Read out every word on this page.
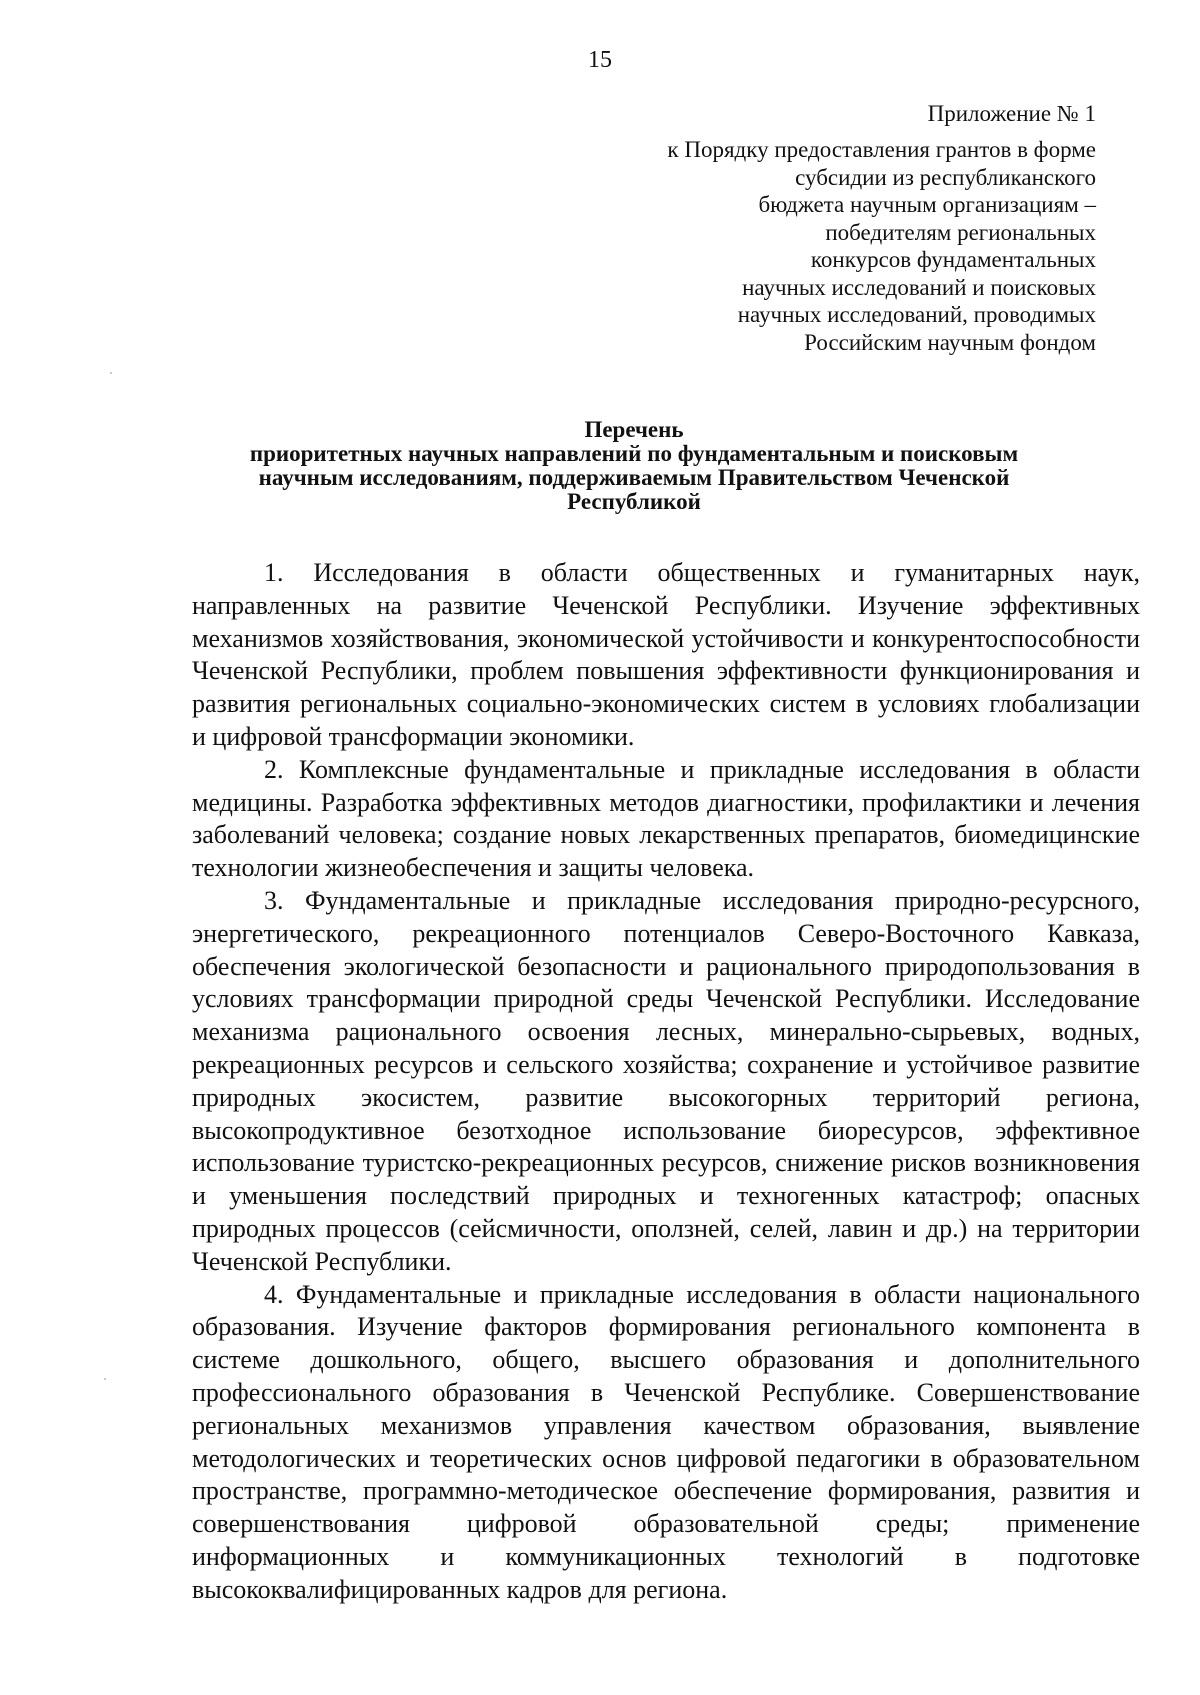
15
Приложение № 1
к Порядку предоставления грантов в форме
субсидии из республиканского
бюджета научным организациям –
победителям региональных
конкурсов фундаментальных
научных исследований и поисковых
научных исследований, проводимых
Российским научным фондом
Перечень
приоритетных научных направлений по фундаментальным и поисковым
научным исследованиям, поддерживаемым Правительством Чеченской
Республикой

1. Исследования в области общественных и гуманитарных наук, направленных на развитие Чеченской Республики. Изучение эффективных механизмов хозяйствования, экономической устойчивости и конкурентоспособности Чеченской Республики, проблем повышения эффективности функционирования и развития региональных социально-экономических систем в условиях глобализации и цифровой трансформации экономики.

2. Комплексные фундаментальные и прикладные исследования в области медицины. Разработка эффективных методов диагностики, профилактики и лечения заболеваний человека; создание новых лекарственных препаратов, биомедицинские технологии жизнеобеспечения и защиты человека.

3. Фундаментальные и прикладные исследования природно-ресурсного, энергетического, рекреационного потенциалов Северо-Восточного Кавказа, обеспечения экологической безопасности и рационального природопользования в условиях трансформации природной среды Чеченской Республики. Исследование механизма рационального освоения лесных, минерально-сырьевых, водных, рекреационных ресурсов и сельского хозяйства; сохранение и устойчивое развитие природных экосистем, развитие высокогорных территорий региона, высокопродуктивное безотходное использование биоресурсов, эффективное использование туристско-рекреационных ресурсов, снижение рисков возникновения и уменьшения последствий природных и техногенных катастроф; опасных природных процессов (сейсмичности, оползней, селей, лавин и др.) на территории Чеченской Республики.

4. Фундаментальные и прикладные исследования в области национального образования. Изучение факторов формирования регионального компонента в системе дошкольного, общего, высшего образования и дополнительного профессионального образования в Чеченской Республике. Совершенствование региональных механизмов управления качеством образования, выявление методологических и теоретических основ цифровой педагогики в образовательном пространстве, программно-методическое обеспечение формирования, развития и совершенствования цифровой образовательной среды; применение информационных и коммуникационных технологий в подготовке высококвалифицированных кадров для региона.
